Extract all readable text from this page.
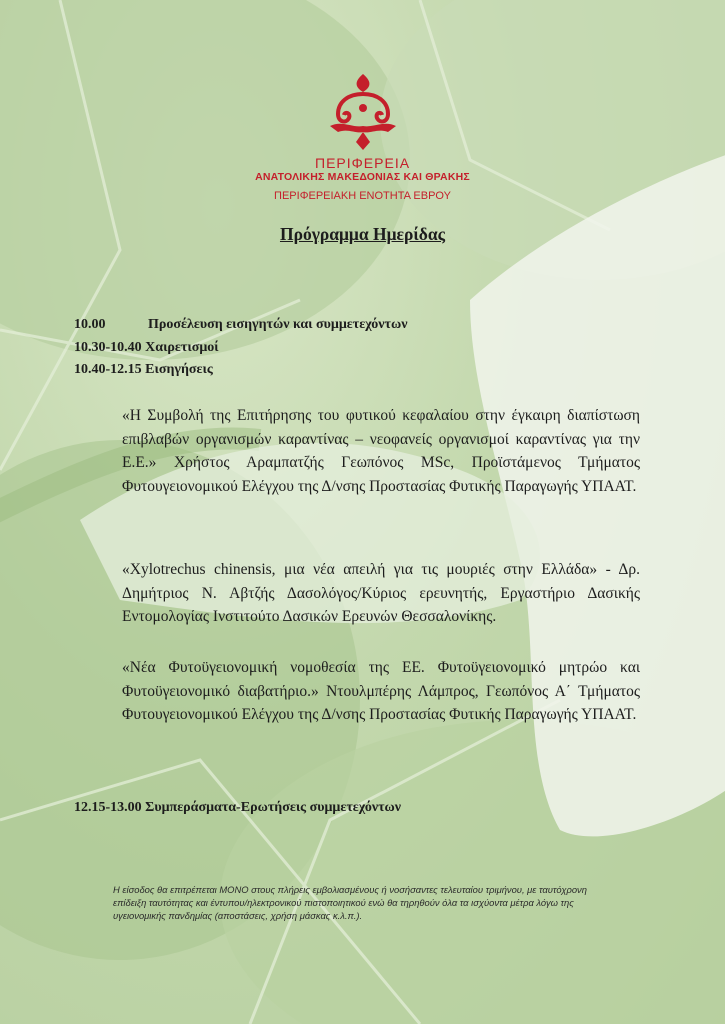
ΠΕΡΙΦΕΡΕΙΑ
ΑΝΑΤΟΛΙΚΗΣ ΜΑΚΕΔΟΝΙΑΣ ΚΑΙ ΘΡΑΚΗΣ
ΠΕΡΙΦΕΡΕΙΑΚΗ ΕΝΟΤΗΤΑ ΕΒΡΟΥ
Πρόγραμμα Ημερίδας
10.00	Προσέλευση εισηγητών και συμμετεχόντων
10.30-10.40 Χαιρετισμοί
10.40-12.15 Εισηγήσεις
«Η Συμβολή της Επιτήρησης του φυτικού κεφαλαίου στην έγκαιρη διαπίστωση επιβλαβών οργανισμών καραντίνας – νεοφανείς οργανισμοί καραντίνας για την Ε.Ε.» Χρήστος Αραμπατζής Γεωπόνος MSc, Προϊστάμενος Τμήματος Φυτουγειονομικού Ελέγχου της Δ/νσης Προστασίας Φυτικής Παραγωγής ΥΠΑΑΤ.
«Xylotrechus chinensis, μια νέα απειλή για τις μουριές στην Ελλάδα» - Δρ. Δημήτριος Ν. Αβτζής Δασολόγος/Κύριος ερευνητής, Εργαστήριο Δασικής Εντομολογίας Ινστιτούτο Δασικών Ερευνών Θεσσαλονίκης.
«Νέα Φυτοϋγειονομική νομοθεσία της ΕΕ. Φυτοϋγειονομικό μητρώο και Φυτοϋγειονομικό διαβατήριο.» Ντουλμπέρης Λάμπρος, Γεωπόνος Α΄ Τμήματος Φυτουγειονομικού Ελέγχου της Δ/νσης Προστασίας Φυτικής Παραγωγής ΥΠΑΑΤ.
12.15-13.00 Συμπεράσματα-Ερωτήσεις συμμετεχόντων
Η είσοδος θα επιτρέπεται ΜΟΝΟ στους πλήρεις εμβολιασμένους ή νοσήσαντες τελευταίου τριμήνου, με ταυτόχρονη επίδειξη ταυτότητας και έντυπου/ηλεκτρονικού πιστοποιητικού ενώ θα τηρηθούν όλα τα ισχύοντα μέτρα λόγω της υγειονομικής πανδημίας (αποστάσεις, χρήση μάσκας κ.λ.π.).
